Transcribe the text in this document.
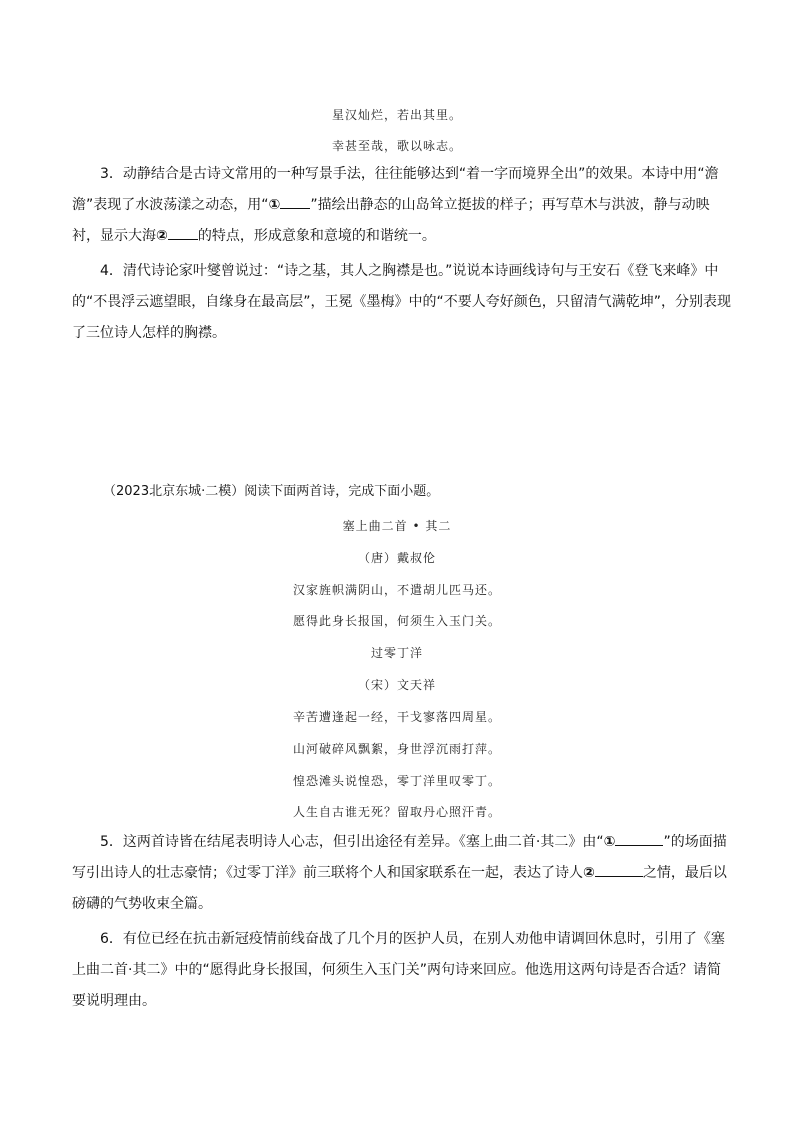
星汉灿烂，若出其里。
幸甚至哉，歌以咏志。
3．动静结合是古诗文常用的一种写景手法，往往能够达到“着一字而境界全出”的效果。本诗中用“澹澹”表现了水波荡漾之动态，用“① ”描绘出静态的山岛耸立挺拔的样子；再写草木与洪波，静与动映衬，显示大海② 的特点，形成意象和意境的和谐统一。
4．清代诗论家叶燮曾说过：“诗之基，其人之胸襟是也。”说说本诗画线诗句与王安石《登飞来峰》中的“不畏浮云遮望眼，自缘身在最高层”，王冕《墨梅》中的“不要人夸好颜色，只留清气满乾坤”，分别表现了三位诗人怎样的胸襟。
（2023北京东城·二模）阅读下面两首诗，完成下面小题。
塞上曲二首 • 其二
（唐）戴叔伦
汉家旌帜满阴山，不遣胡儿匹马还。
愿得此身长报国，何须生入玉门关。
过零丁洋
（宋）文天祥
辛苦遭逢起一经，干戈寥落四周星。
山河破碎风飘絮，身世浮沉雨打萍。
惶恐滩头说惶恐，零丁洋里叹零丁。
人生自古谁无死？留取丹心照汗青。
5．这两首诗皆在结尾表明诗人心志，但引出途径有差异。《塞上曲二首·其二》由“①	”的场面描写引出诗人的壮志豪情；《过零丁洋》前三联将个人和国家联系在一起，表达了诗人②	之情，最后以磅礴的气势收束全篇。
6．有位已经在抗击新冠疫情前线奋战了几个月的医护人员，在别人劝他申请调回休息时，引用了《塞上曲二首·其二》中的“愿得此身长报国，何须生入玉门关”两句诗来回应。他选用这两句诗是否合适？请简要说明理由。
